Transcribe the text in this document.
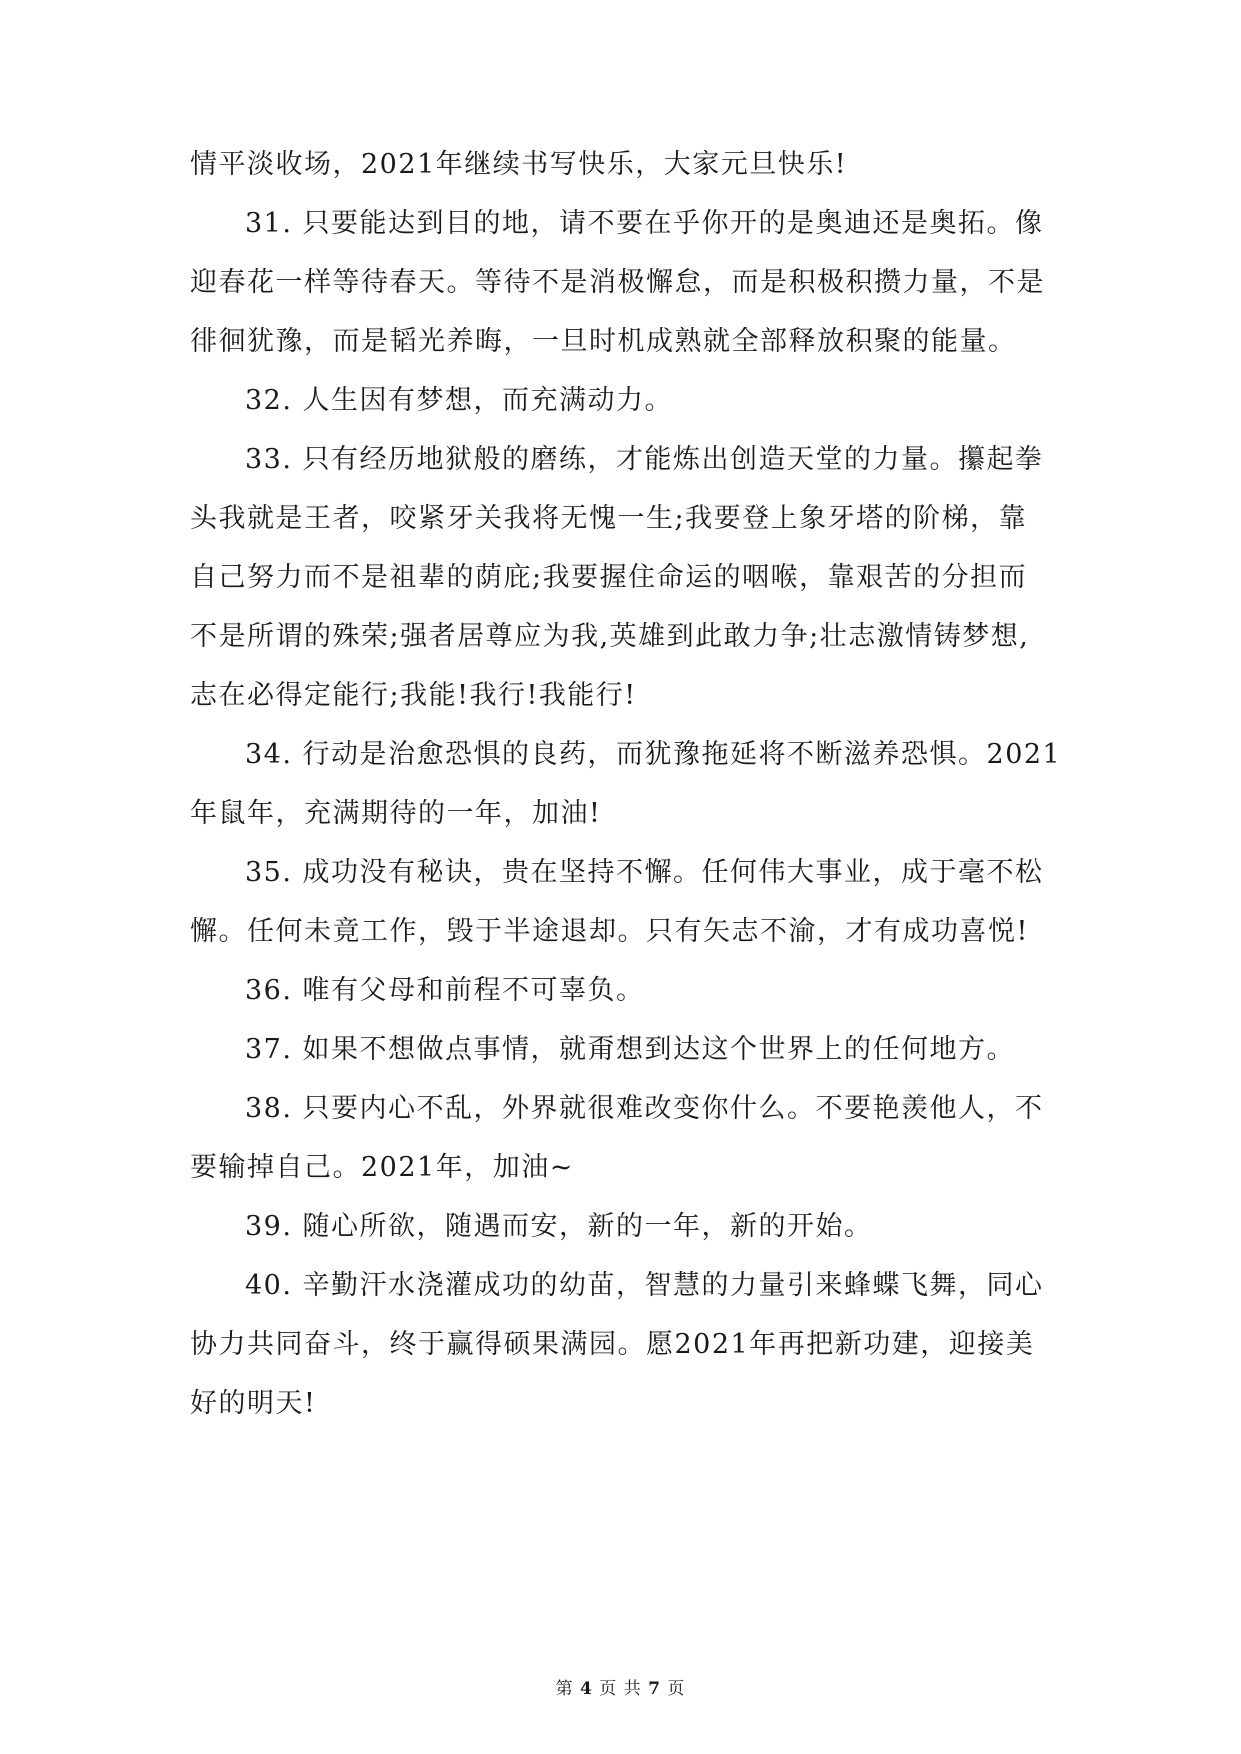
情平淡收场，2021年继续书写快乐，大家元旦快乐!
31. 只要能达到目的地，请不要在乎你开的是奥迪还是奥拓。像
迎春花一样等待春天。等待不是消极懈怠，而是积极积攒力量，不是
徘徊犹豫，而是韬光养晦，一旦时机成熟就全部释放积聚的能量。
32. 人生因有梦想，而充满动力。
33. 只有经历地狱般的磨练，才能炼出创造天堂的力量。攥起拳
头我就是王者，咬紧牙关我将无愧一生;我要登上象牙塔的阶梯，靠
自己努力而不是祖辈的荫庇;我要握住命运的咽喉，靠艰苦的分担而
不是所谓的殊荣;强者居尊应为我,英雄到此敢力争;壮志激情铸梦想,
志在必得定能行;我能!我行!我能行!
34. 行动是治愈恐惧的良药，而犹豫拖延将不断滋养恐惧。2021
年鼠年，充满期待的一年，加油!
35. 成功没有秘诀，贵在坚持不懈。任何伟大事业，成于毫不松
懈。任何未竟工作，毁于半途退却。只有矢志不渝，才有成功喜悦!
36. 唯有父母和前程不可辜负。
37. 如果不想做点事情，就甭想到达这个世界上的任何地方。
38. 只要内心不乱，外界就很难改变你什么。不要艳羡他人，不
要输掉自己。2021年，加油~
39. 随心所欲，随遇而安，新的一年，新的开始。
40. 辛勤汗水浇灌成功的幼苗，智慧的力量引来蜂蝶飞舞，同心
协力共同奋斗，终于赢得硕果满园。愿2021年再把新功建，迎接美
好的明天!
第 4 页 共 7 页
